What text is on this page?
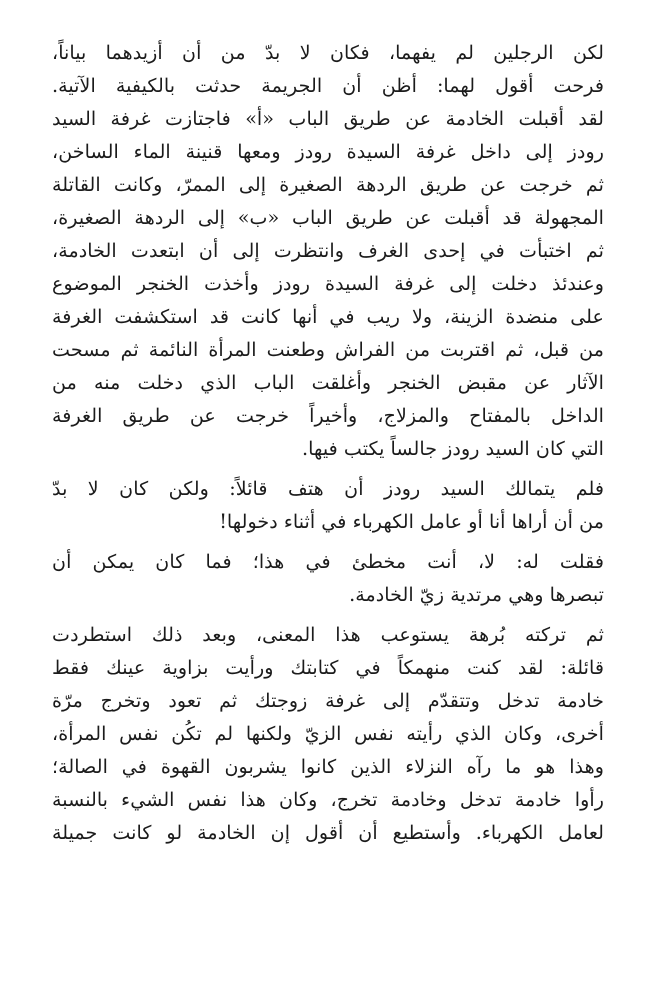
لكن الرجلين لم يفهما، فكان لا بدّ من أن أزيدهما بياناً،
فرحت أقول لهما: أظن أن الجريمة حدثت بالكيفية الآتية.
لقد أقبلت الخادمة عن طريق الباب «أ» فاجتازت غرفة السيد
رودز إلى داخل غرفة السيدة رودز ومعها قنينة الماء الساخن،
ثم خرجت عن طريق الردهة الصغيرة إلى الممرّ، وكانت القاتلة
المجهولة قد أقبلت عن طريق الباب «ب» إلى الردهة الصغيرة،
ثم اختبأت في إحدى الغرف وانتظرت إلى أن ابتعدت الخادمة،
وعندئذ دخلت إلى غرفة السيدة رودز وأخذت الخنجر الموضوع
على منضدة الزينة، ولا ريب في أنها كانت قد استكشفت الغرفة
من قبل، ثم اقتربت من الفراش وطعنت المرأة النائمة ثم مسحت
الآثار عن مقبض الخنجر وأغلقت الباب الذي دخلت منه من
الداخل بالمفتاح والمزلاج، وأخيراً خرجت عن طريق الغرفة
التي كان السيد رودز جالساً يكتب فيها.
فلم يتمالك السيد رودز أن هتف قائلاً: ولكن كان لا بدّ
من أن أراها أنا أو عامل الكهرباء في أثناء دخولها!
فقلت له: لا، أنت مخطئ في هذا؛ فما كان يمكن أن
تبصرها وهي مرتدية زيّ الخادمة.
ثم تركته بُرهة يستوعب هذا المعنى، وبعد ذلك استطردت
قائلة: لقد كنت منهمكاً في كتابتك ورأيت بزاوية عينك فقط
خادمة تدخل وتتقدّم إلى غرفة زوجتك ثم تعود وتخرج مرّة
أخرى، وكان الذي رأيته نفس الزيّ ولكنها لم تكُن نفس المرأة،
وهذا هو ما رآه النزلاء الذين كانوا يشربون القهوة في الصالة؛
رأوا خادمة تدخل وخادمة تخرج، وكان هذا نفس الشيء بالنسبة
لعامل الكهرباء. وأستطيع أن أقول إن الخادمة لو كانت جميلة
